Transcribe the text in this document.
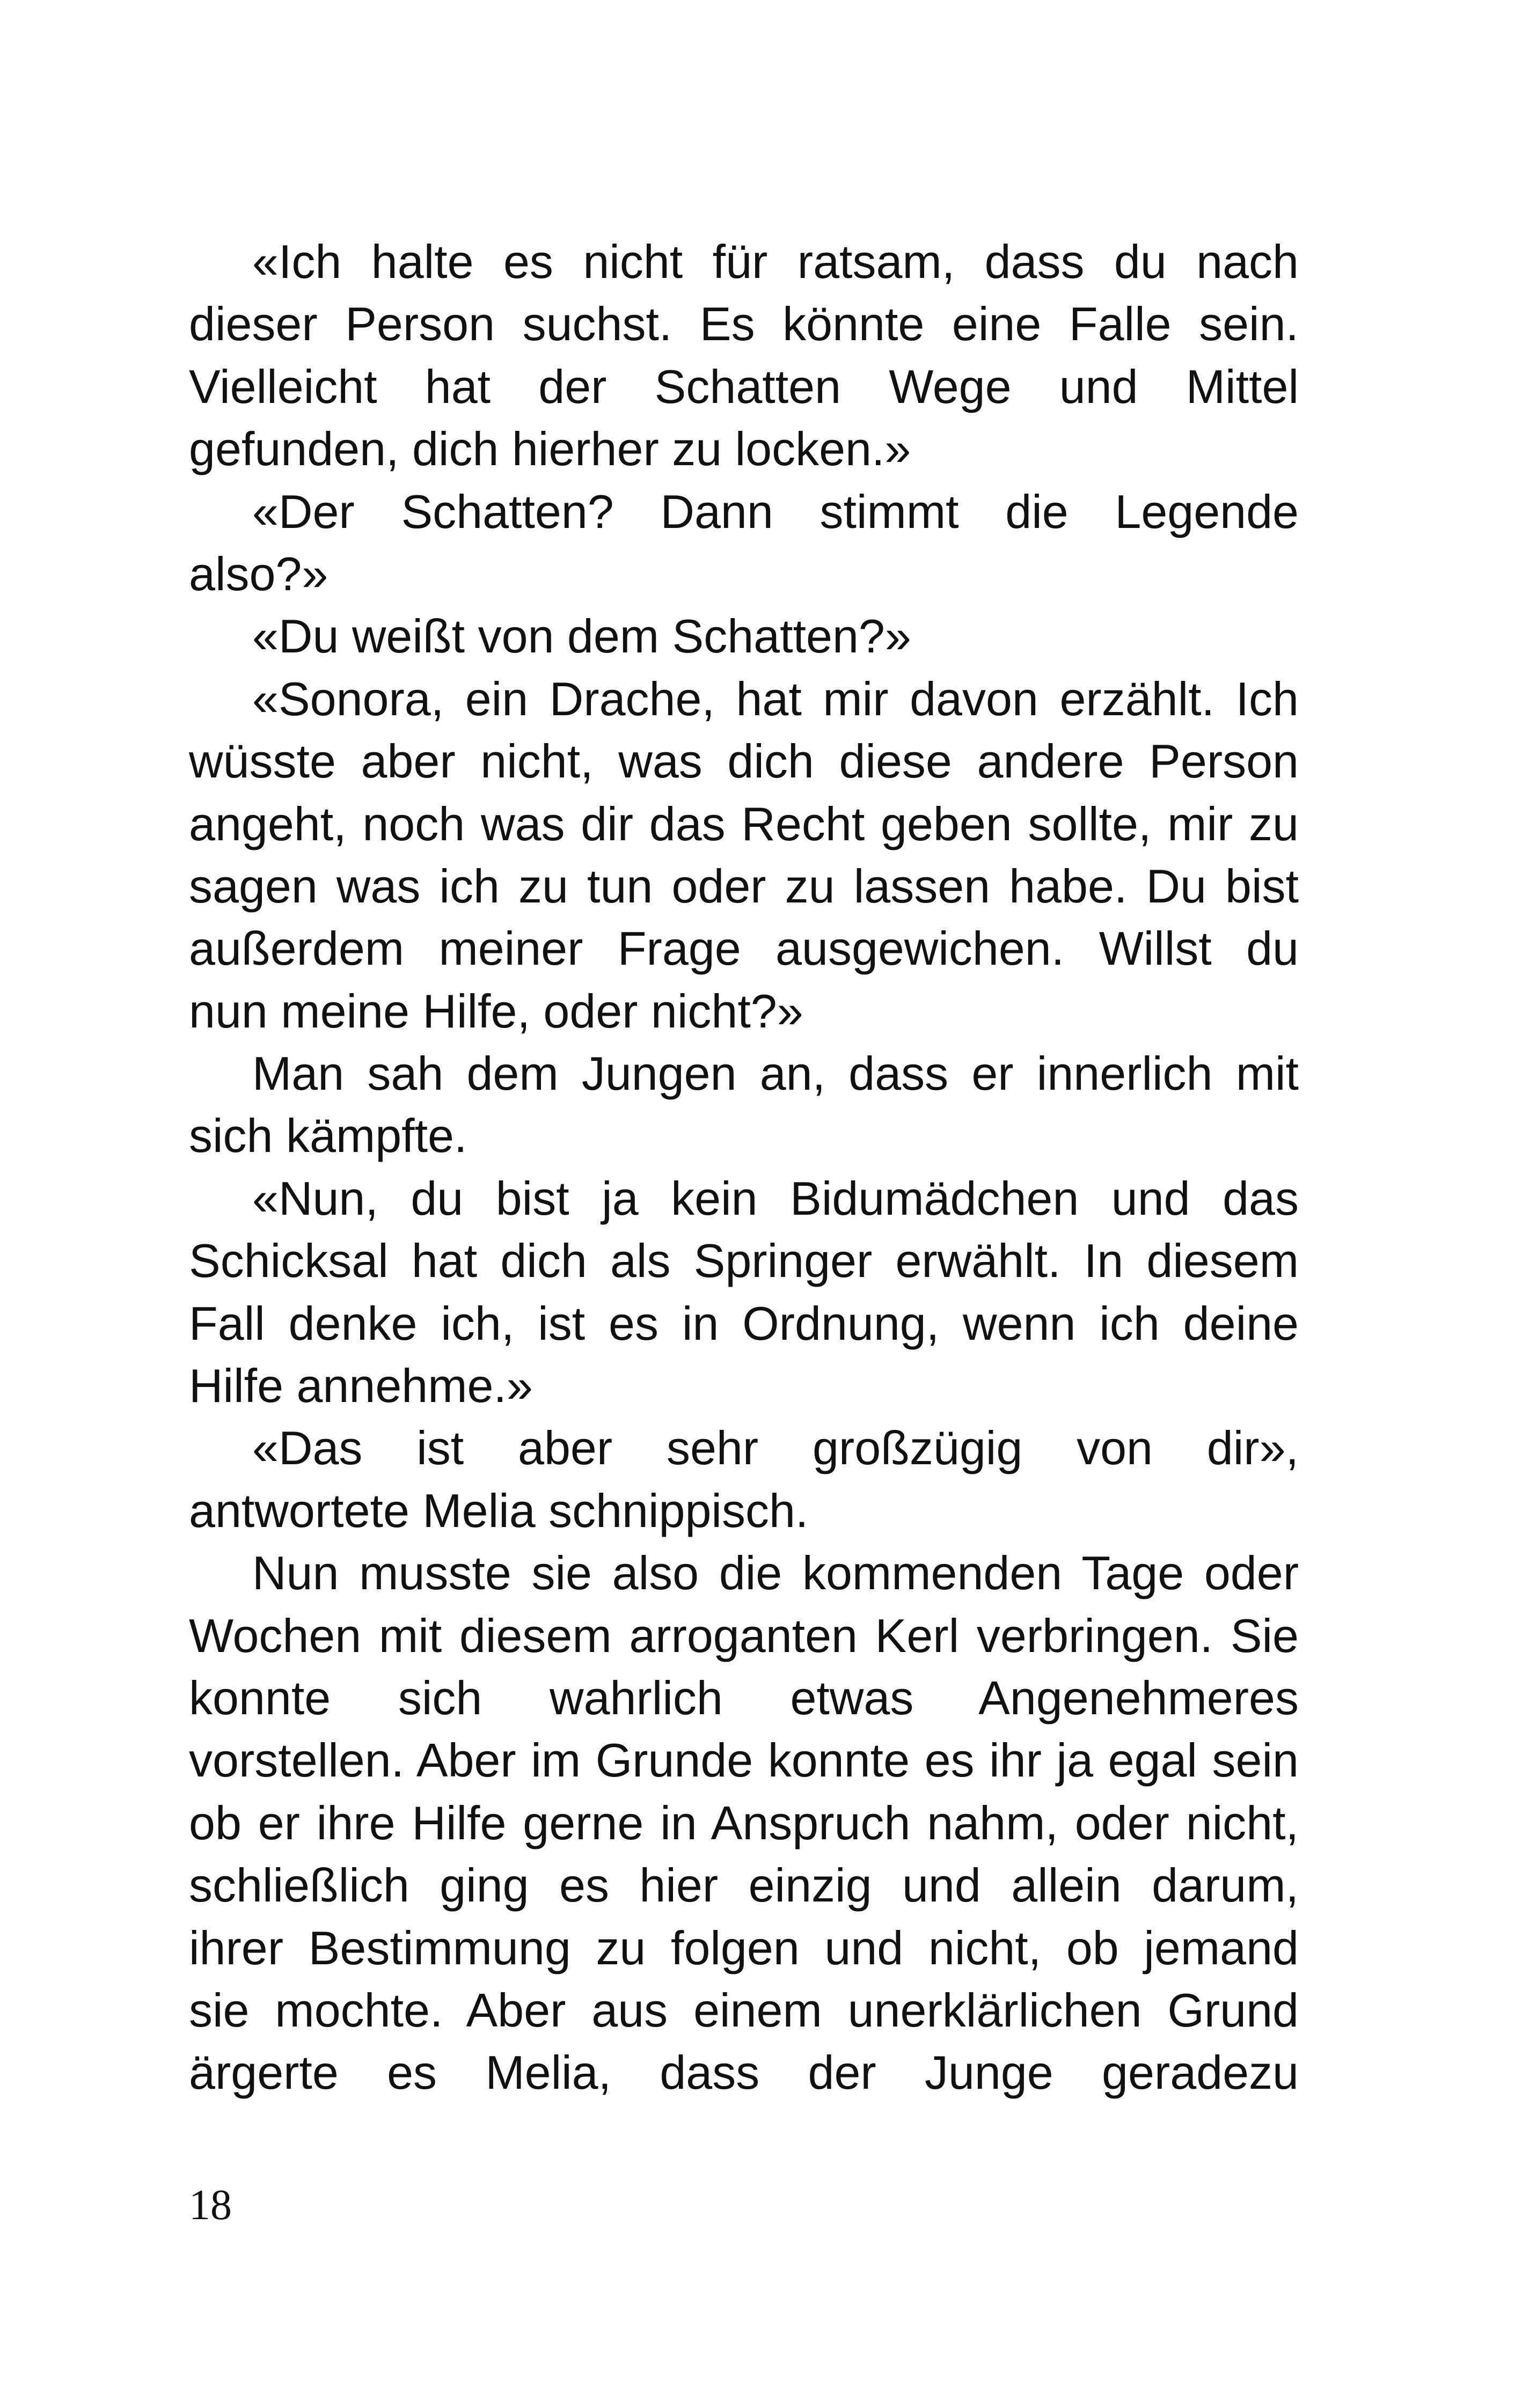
«Ich halte es nicht für ratsam, dass du nach
dieser Person suchst. Es könnte eine Falle sein.
Vielleicht hat der Schatten Wege und Mittel
gefunden, dich hierher zu locken.»
«Der Schatten? Dann stimmt die Legende
also?»
«Du weißt von dem Schatten?»
«Sonora, ein Drache, hat mir davon erzählt. Ich
wüsste aber nicht, was dich diese andere Person
angeht, noch was dir das Recht geben sollte, mir zu
sagen was ich zu tun oder zu lassen habe. Du bist
außerdem meiner Frage ausgewichen. Willst du
nun meine Hilfe, oder nicht?»
Man sah dem Jungen an, dass er innerlich mit
sich kämpfte.
«Nun, du bist ja kein Bidumädchen und das
Schicksal hat dich als Springer erwählt. In diesem
Fall denke ich, ist es in Ordnung, wenn ich deine
Hilfe annehme.»
«Das ist aber sehr großzügig von dir»,
antwortete Melia schnippisch.
Nun musste sie also die kommenden Tage oder
Wochen mit diesem arroganten Kerl verbringen. Sie
konnte sich wahrlich etwas Angenehmeres
vorstellen. Aber im Grunde konnte es ihr ja egal sein
ob er ihre Hilfe gerne in Anspruch nahm, oder nicht,
schließlich ging es hier einzig und allein darum,
ihrer Bestimmung zu folgen und nicht, ob jemand
sie mochte. Aber aus einem unerklärlichen Grund
ärgerte es Melia, dass der Junge geradezu
18
